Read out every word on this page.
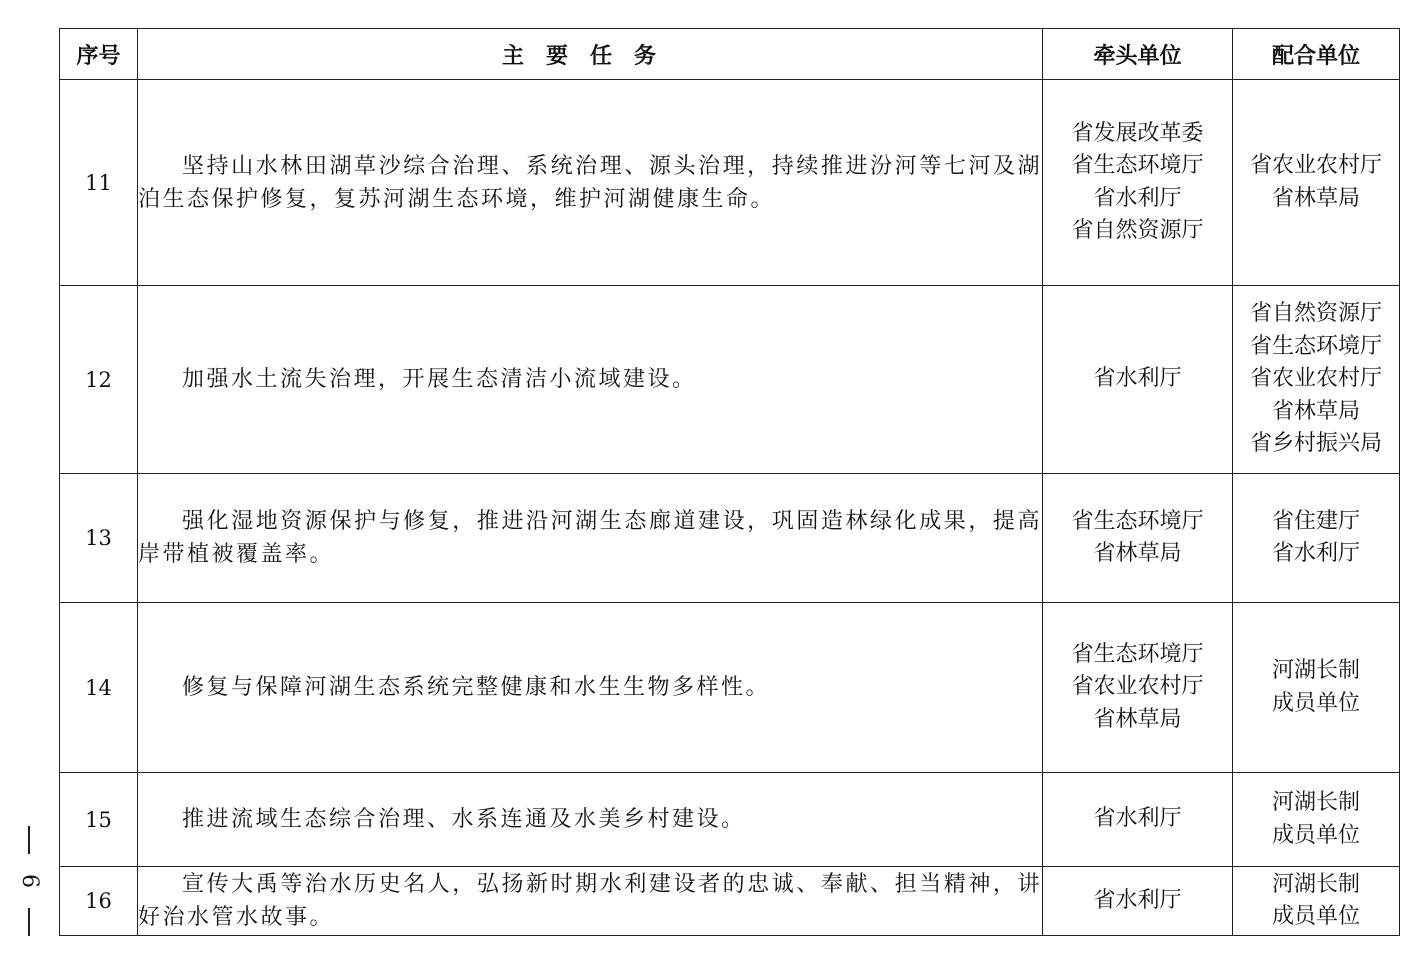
6
序号	主要任务	牵头单位	配合单位
11	坚持山水林田湖草沙综合治理、系统治理、源头治理，持续推进汾河等七河及湖泊生态保护修复，复苏河湖生态环境，维护河湖健康生命。	省发展改革委
省生态环境厅
省水利厅
省自然资源厅	省农业农村厅
省林草局

12	加强水土流失治理，开展生态清洁小流域建设。	省水利厅	省自然资源厅
省生态环境厅
省农业农村厅
省林草局
省乡村振兴局

13	强化湿地资源保护与修复，推进沿河湖生态廊道建设，巩固造林绿化成果，提高岸带植被覆盖率。	省生态环境厅
省林草局	省住建厅
省水利厅

14	修复与保障河湖生态系统完整健康和水生生物多样性。	省生态环境厅
省农业农村厅
省林草局	河湖长制
成员单位

15	推进流域生态综合治理、水系连通及水美乡村建设。	省水利厅	河湖长制
成员单位

16	宣传大禹等治水历史名人，弘扬新时期水利建设者的忠诚、奉献、担当精神，讲好治水管水故事。	省水利厅	河湖长制
成员单位
